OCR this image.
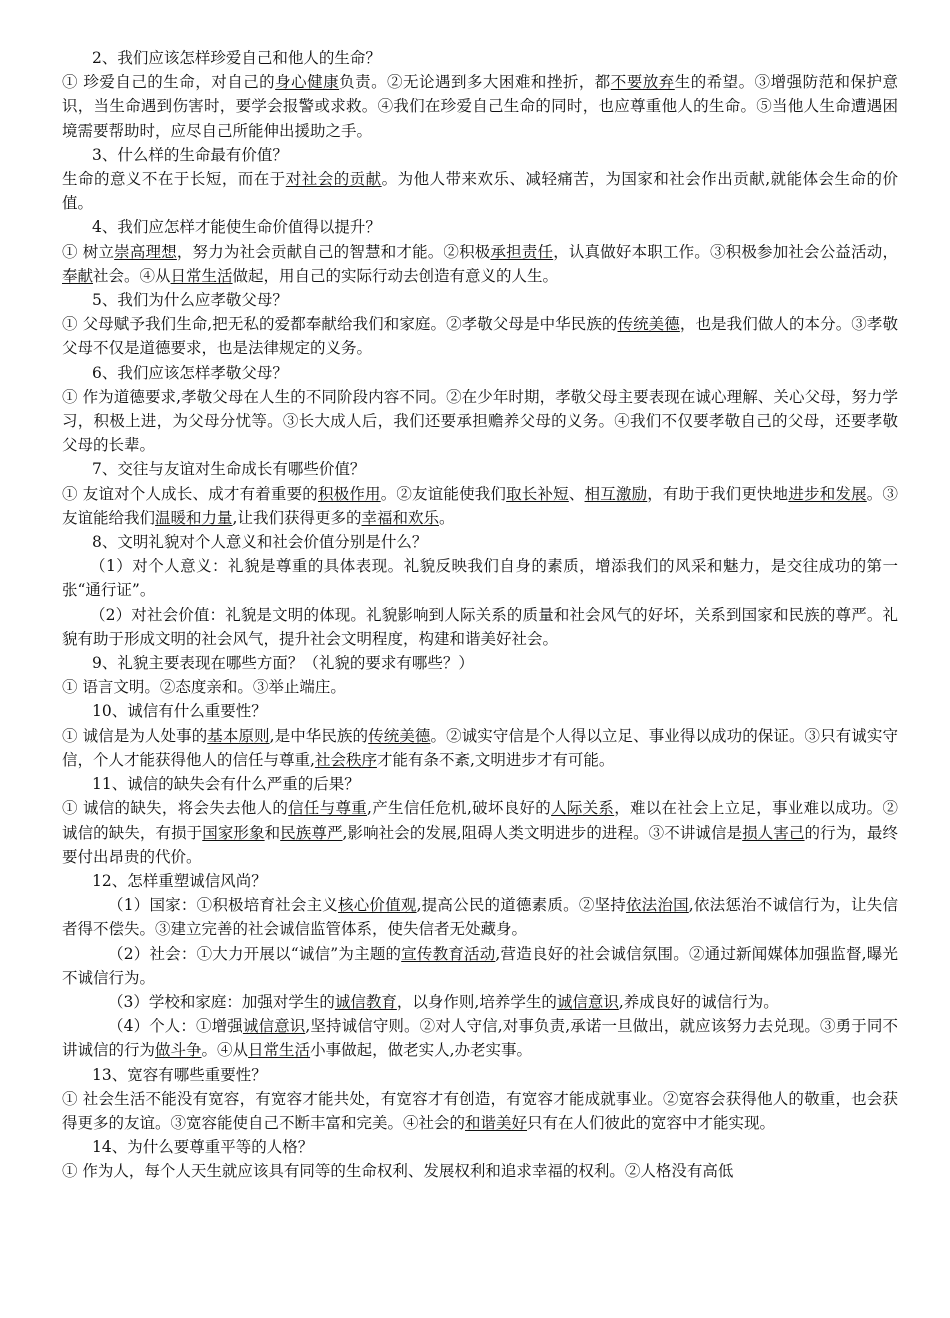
2、我们应该怎样珍爱自己和他人的生命？

① 珍爱自己的生命，对自己的身心健康负责。②无论遇到多大困难和挫折，都不要放弃生的希望。③增强防范和保护意识，当生命遇到伤害时，要学会报警或求救。④我们在珍爱自己生命的同时，也应尊重他人的生命。⑤当他人生命遭遇困境需要帮助时，应尽自己所能伸出援助之手。

3、什么样的生命最有价值？

生命的意义不在于长短，而在于对社会的贡献。为他人带来欢乐、减轻痛苦，为国家和社会作出贡献,就能体会生命的价值。

4、我们应怎样才能使生命价值得以提升？

① 树立崇高理想，努力为社会贡献自己的智慧和才能。②积极承担责任，认真做好本职工作。③积极参加社会公益活动，奉献社会。④从日常生活做起，用自己的实际行动去创造有意义的人生。

5、我们为什么应孝敬父母？

① 父母赋予我们生命,把无私的爱都奉献给我们和家庭。②孝敬父母是中华民族的传统美德，也是我们做人的本分。③孝敬父母不仅是道德要求，也是法律规定的义务。

6、我们应该怎样孝敬父母？

① 作为道德要求,孝敬父母在人生的不同阶段内容不同。②在少年时期，孝敬父母主要表现在诚心理解、关心父母，努力学习，积极上进，为父母分忧等。③长大成人后，我们还要承担赡养父母的义务。④我们不仅要孝敬自己的父母，还要孝敬父母的长辈。

7、交往与友谊对生命成长有哪些价值？

① 友谊对个人成长、成才有着重要的积极作用。②友谊能使我们取长补短、相互激励，有助于我们更快地进步和发展。③友谊能给我们温暖和力量,让我们获得更多的幸福和欢乐。

8、文明礼貌对个人意义和社会价值分别是什么？

（1）对个人意义：礼貌是尊重的具体表现。礼貌反映我们自身的素质，增添我们的风采和魅力，是交往成功的第一张“通行证”。

（2）对社会价值：礼貌是文明的体现。礼貌影响到人际关系的质量和社会风气的好坏，关系到国家和民族的尊严。礼貌有助于形成文明的社会风气，提升社会文明程度，构建和谐美好社会。

9、礼貌主要表现在哪些方面？（礼貌的要求有哪些？）

① 语言文明。②态度亲和。③举止端庄。

10、诚信有什么重要性？

① 诚信是为人处事的基本原则,是中华民族的传统美德。②诚实守信是个人得以立足、事业得以成功的保证。③只有诚实守信，个人才能获得他人的信任与尊重,社会秩序才能有条不紊,文明进步才有可能。

11、诚信的缺失会有什么严重的后果？

① 诚信的缺失，将会失去他人的信任与尊重,产生信任危机,破坏良好的人际关系，难以在社会上立足，事业难以成功。②诚信的缺失，有损于国家形象和民族尊严,影响社会的发展,阻碍人类文明进步的进程。③不讲诚信是损人害己的行为，最终要付出昂贵的代价。

12、怎样重塑诚信风尚？

（1）国家：①积极培育社会主义核心价值观,提高公民的道德素质。②坚持依法治国,依法惩治不诚信行为，让失信者得不偿失。③建立完善的社会诚信监管体系，使失信者无处藏身。

（2）社会：①大力开展以“诚信”为主题的宣传教育活动,营造良好的社会诚信氛围。②通过新闻媒体加强监督,曝光不诚信行为。

（3）学校和家庭：加强对学生的诚信教育，以身作则,培养学生的诚信意识,养成良好的诚信行为。

（4）个人：①增强诚信意识,坚持诚信守则。②对人守信,对事负责,承诺一旦做出，就应该努力去兑现。③勇于同不讲诚信的行为做斗争。④从日常生活小事做起，做老实人,办老实事。

13、宽容有哪些重要性？

① 社会生活不能没有宽容，有宽容才能共处，有宽容才有创造，有宽容才能成就事业。②宽容会获得他人的敬重，也会获得更多的友谊。③宽容能使自己不断丰富和完美。④社会的和谐美好只有在人们彼此的宽容中才能实现。

14、为什么要尊重平等的人格？

① 作为人，每个人天生就应该具有同等的生命权利、发展权利和追求幸福的权利。②人格没有高低
